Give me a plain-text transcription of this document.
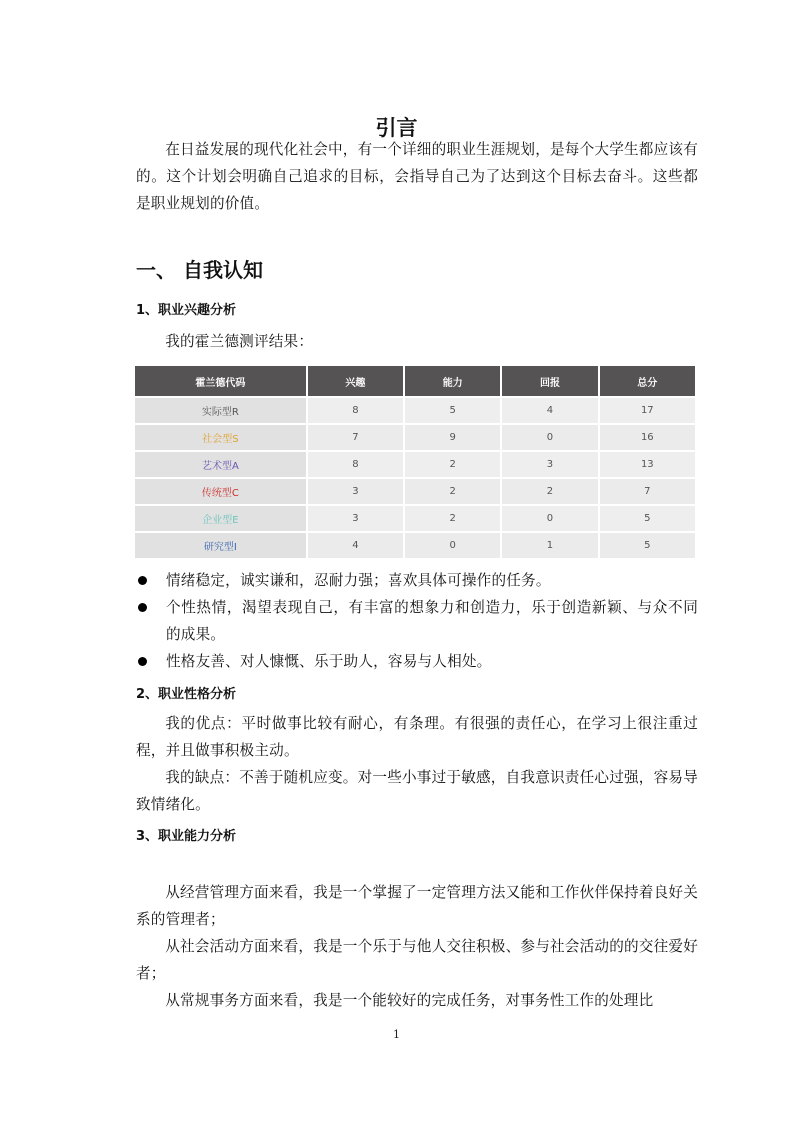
引言

在日益发展的现代化社会中，有一个详细的职业生涯规划，是每个大学生都应该有的。这个计划会明确自己追求的目标，会指导自己为了达到这个目标去奋斗。这些都是职业规划的价值。

一、 自我认知
1、职业兴趣分析

我的霍兰德测评结果：

霍兰德代码	兴趣	能力	回报	总分
实际型R	8	5	4	17
社会型S	7	9	0	16
艺术型A	8	2	3	13
传统型C	3	2	2	7
企业型E	3	2	0	5
研究型I	4	0	1	5
情绪稳定，诚实谦和，忍耐力强；喜欢具体可操作的任务。
个性热情，渴望表现自己，有丰富的想象力和创造力，乐于创造新颖、与众不同的成果。
性格友善、对人慷慨、乐于助人，容易与人相处。
2、职业性格分析

我的优点：平时做事比较有耐心，有条理。有很强的责任心，在学习上很注重过程，并且做事积极主动。

我的缺点：不善于随机应变。对一些小事过于敏感，自我意识责任心过强，容易导致情绪化。

3、职业能力分析

从经营管理方面来看，我是一个掌握了一定管理方法又能和工作伙伴保持着良好关系的管理者；

从社会活动方面来看，我是一个乐于与他人交往积极、参与社会活动的的交往爱好者；

从常规事务方面来看，我是一个能较好的完成任务，对事务性工作的处理比

1
